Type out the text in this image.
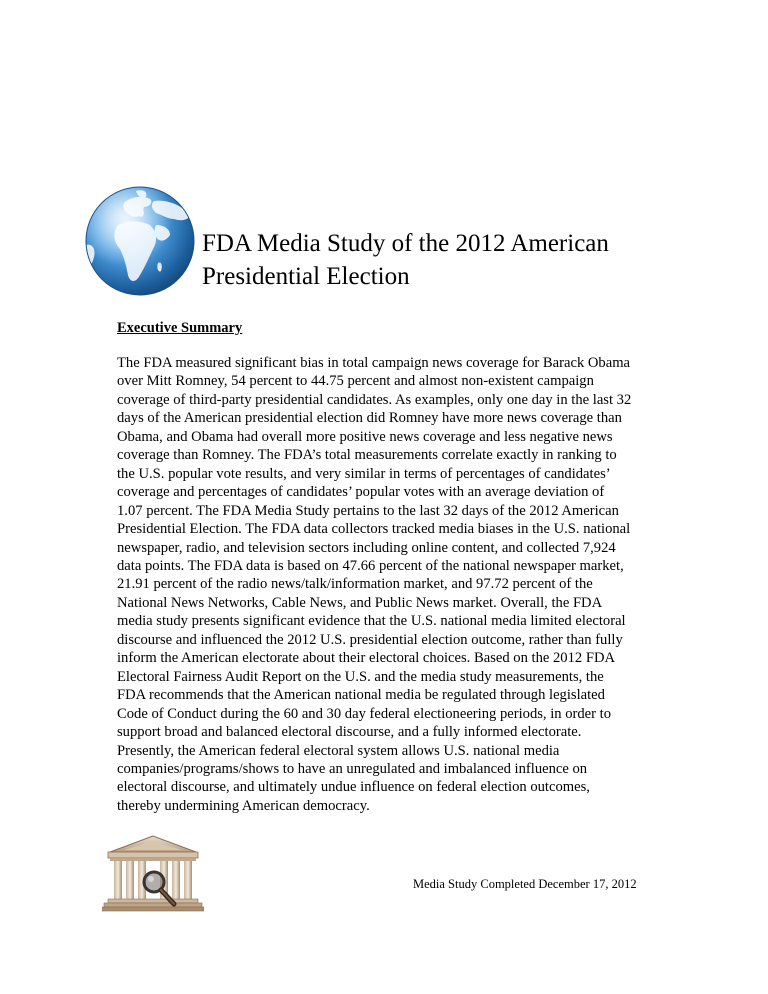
FDA Media Study of the 2012 American
Presidential Election
Executive Summary
The FDA measured significant bias in total campaign news coverage for Barack Obama
over Mitt Romney, 54 percent to 44.75 percent and almost non-existent campaign
coverage of third-party presidential candidates. As examples, only one day in the last 32
days of the American presidential election did Romney have more news coverage than
Obama, and Obama had overall more positive news coverage and less negative news
coverage than Romney. The FDA’s total measurements correlate exactly in ranking to
the U.S. popular vote results, and very similar in terms of percentages of candidates’
coverage and percentages of candidates’ popular votes with an average deviation of
1.07 percent. The FDA Media Study pertains to the last 32 days of the 2012 American
Presidential Election. The FDA data collectors tracked media biases in the U.S. national
newspaper, radio, and television sectors including online content, and collected 7,924
data points. The FDA data is based on 47.66 percent of the national newspaper market,
21.91 percent of the radio news/talk/information market, and 97.72 percent of the
National News Networks, Cable News, and Public News market. Overall, the FDA
media study presents significant evidence that the U.S. national media limited electoral
discourse and influenced the 2012 U.S. presidential election outcome, rather than fully
inform the American electorate about their electoral choices. Based on the 2012 FDA
Electoral Fairness Audit Report on the U.S. and the media study measurements, the
FDA recommends that the American national media be regulated through legislated
Code of Conduct during the 60 and 30 day federal electioneering periods, in order to
support broad and balanced electoral discourse, and a fully informed electorate.
Presently, the American federal electoral system allows U.S. national media
companies/programs/shows to have an unregulated and imbalanced influence on
electoral discourse, and ultimately undue influence on federal election outcomes,
thereby undermining American democracy.
Media Study Completed December 17, 2012
